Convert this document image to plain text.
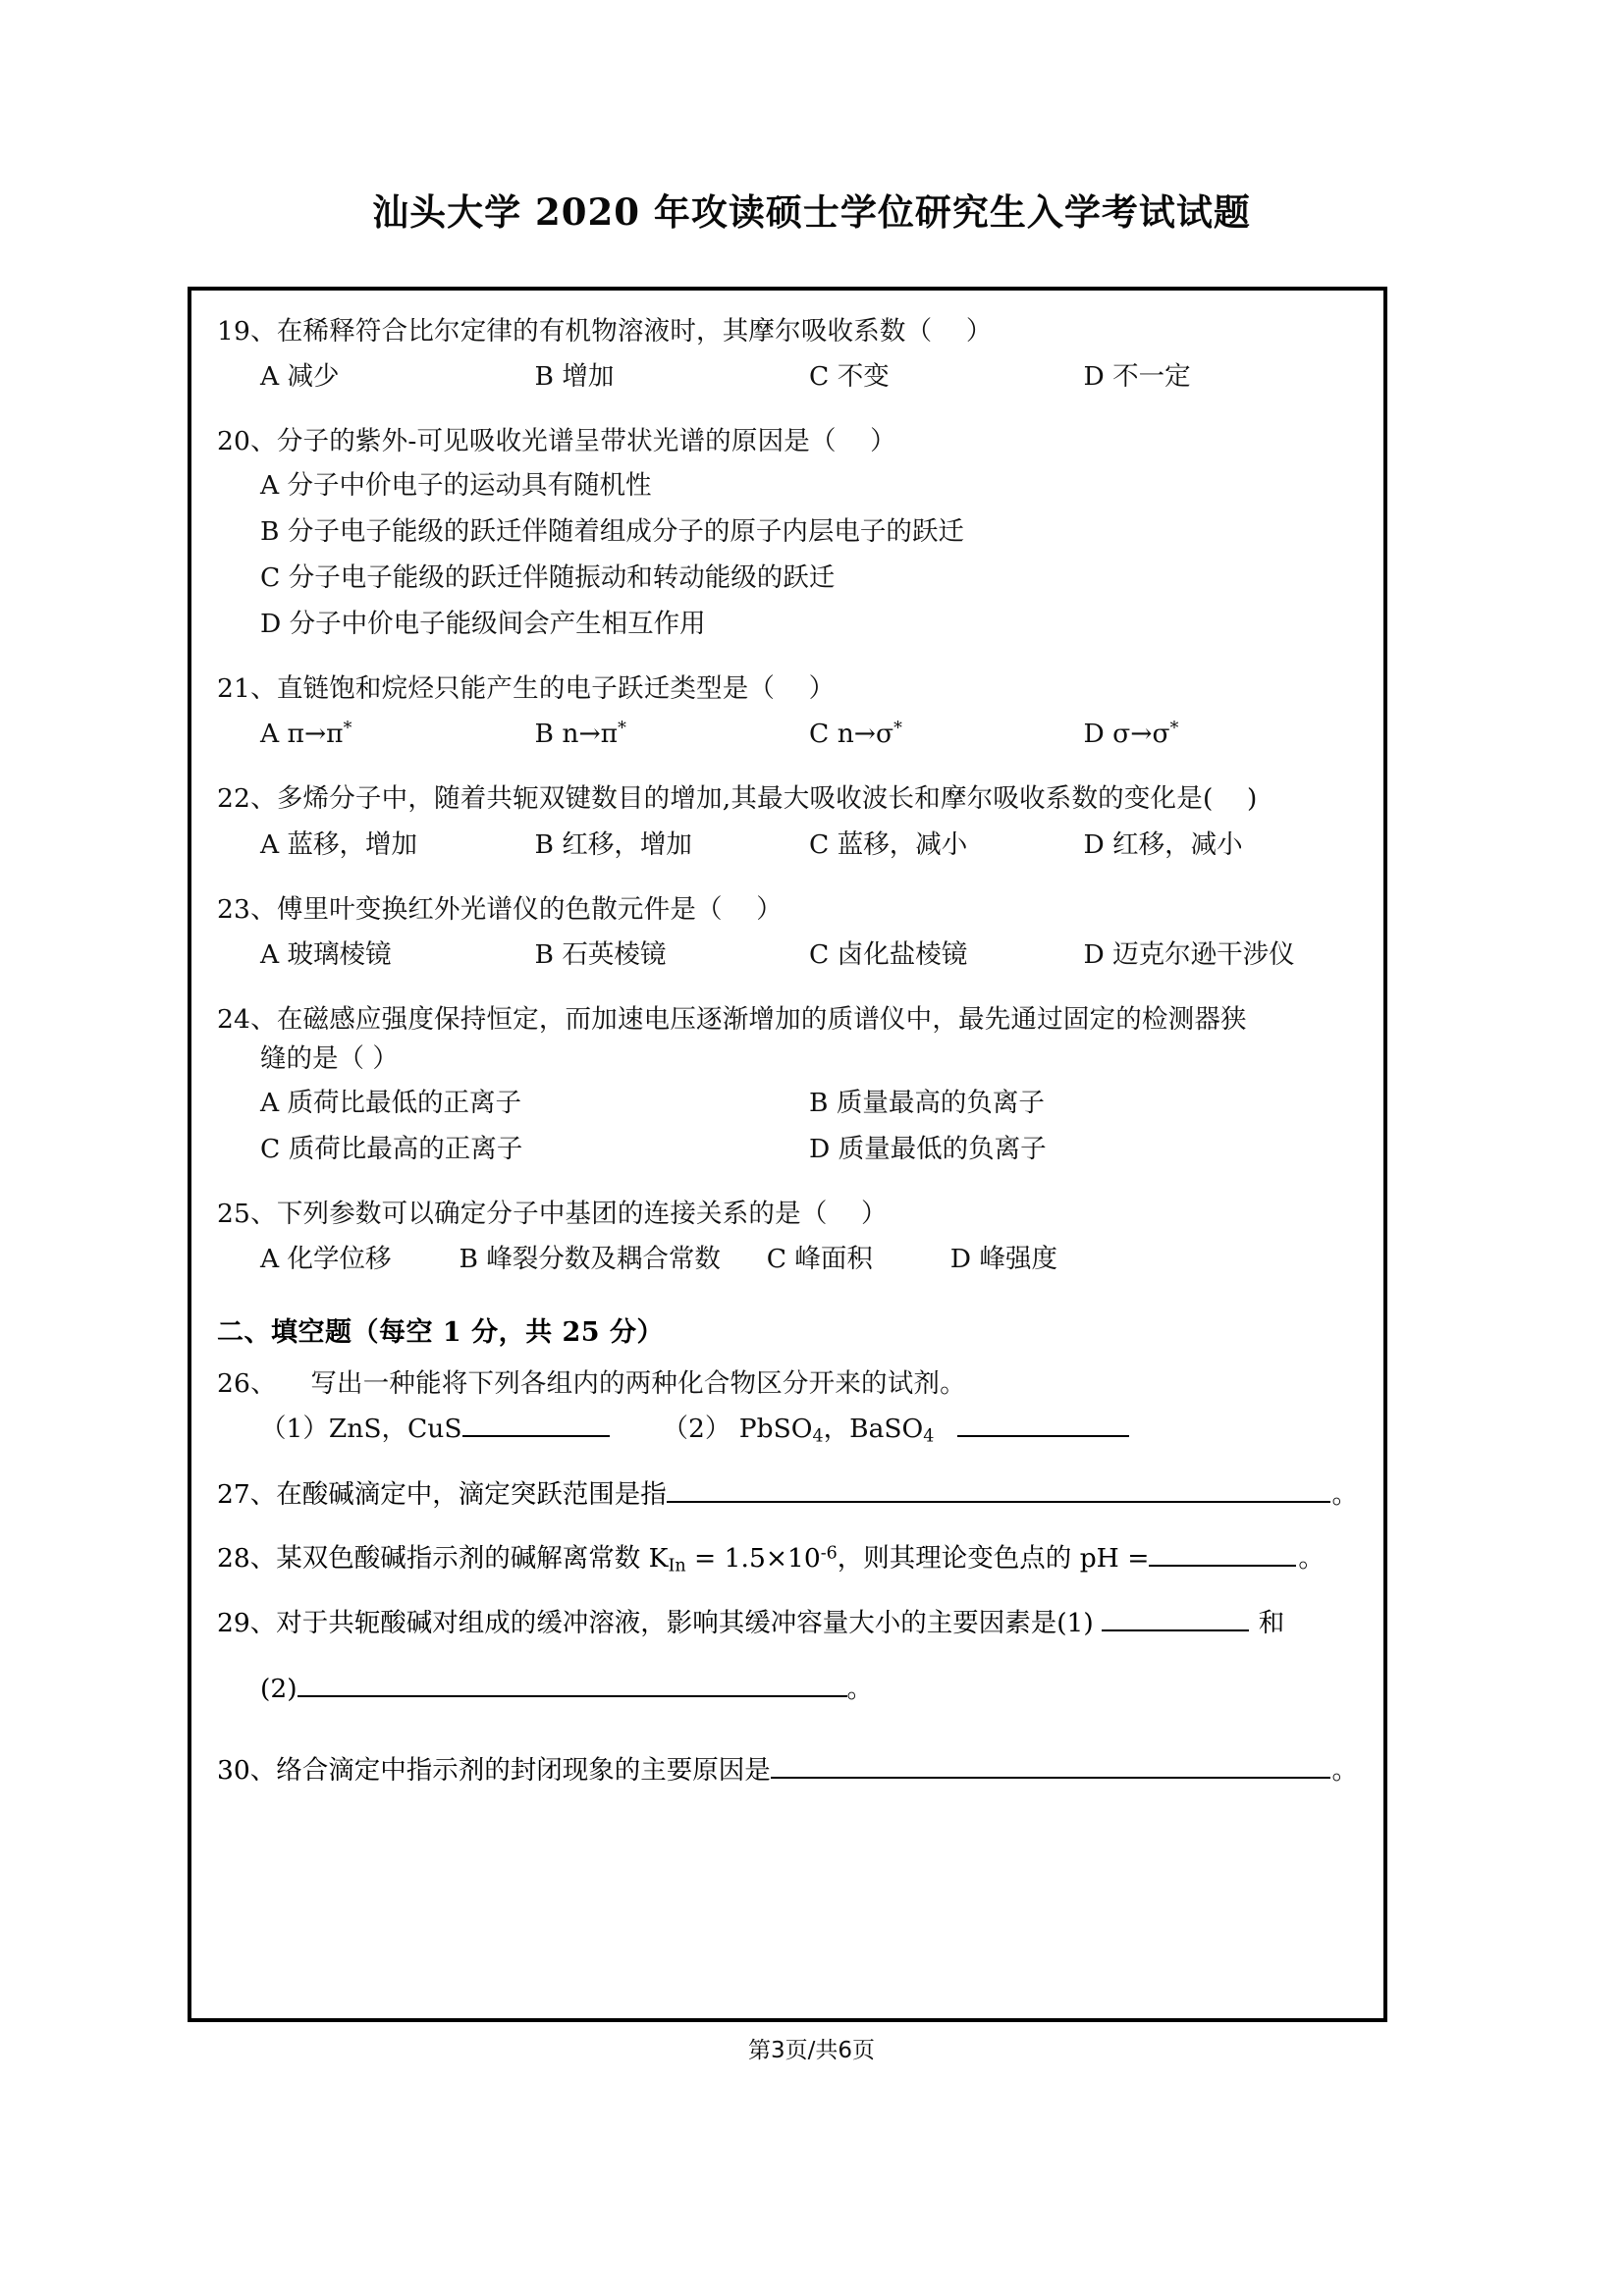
汕头大学 2020 年攻读硕士学位研究生入学考试试题
19、在稀释符合比尔定律的有机物溶液时，其摩尔吸收系数（    ）
A 减少	B 增加	C 不变	D 不一定
20、分子的紫外-可见吸收光谱呈带状光谱的原因是（    ）
A 分子中价电子的运动具有随机性
B 分子电子能级的跃迁伴随着组成分子的原子内层电子的跃迁
C 分子电子能级的跃迁伴随振动和转动能级的跃迁
D 分子中价电子能级间会产生相互作用
21、直链饱和烷烃只能产生的电子跃迁类型是（    ）
A π→π*	B n→π*	C n→σ*	D σ→σ*
22、多烯分子中，随着共轭双键数目的增加,其最大吸收波长和摩尔吸收系数的变化是(    )
A 蓝移，增加	B 红移，增加	C 蓝移，减小	D 红移，减小
23、傅里叶变换红外光谱仪的色散元件是（    ）
A 玻璃棱镜	B 石英棱镜	C 卤化盐棱镜	D 迈克尔逊干涉仪
24、在磁感应强度保持恒定，而加速电压逐渐增加的质谱仪中，最先通过固定的检测器狭
缝的是（ ）
A 质荷比最低的正离子	B 质量最高的负离子
C 质荷比最高的正离子	D 质量最低的负离子
25、下列参数可以确定分子中基团的连接关系的是（    ）
A 化学位移	B 峰裂分数及耦合常数 C 峰面积	D 峰强度
二、填空题（每空 1 分，共 25 分）
26、    写出一种能将下列各组内的两种化合物区分开来的试剂。
（1）ZnS，CuS	（2） PbSO$_4$，BaSO$_4$
27、在酸碱滴定中，滴定突跃范围是指	。
28、某双色酸碱指示剂的碱解离常数 $K_{In} = 1.5\times 10^{-6}$，则其理论变色点的 pH =	。
29、对于共轭酸碱对组成的缓冲溶液，影响其缓冲容量大小的主要因素是(1)	和
(2)	。
30、络合滴定中指示剂的封闭现象的主要原因是	。
第3页/共6页
